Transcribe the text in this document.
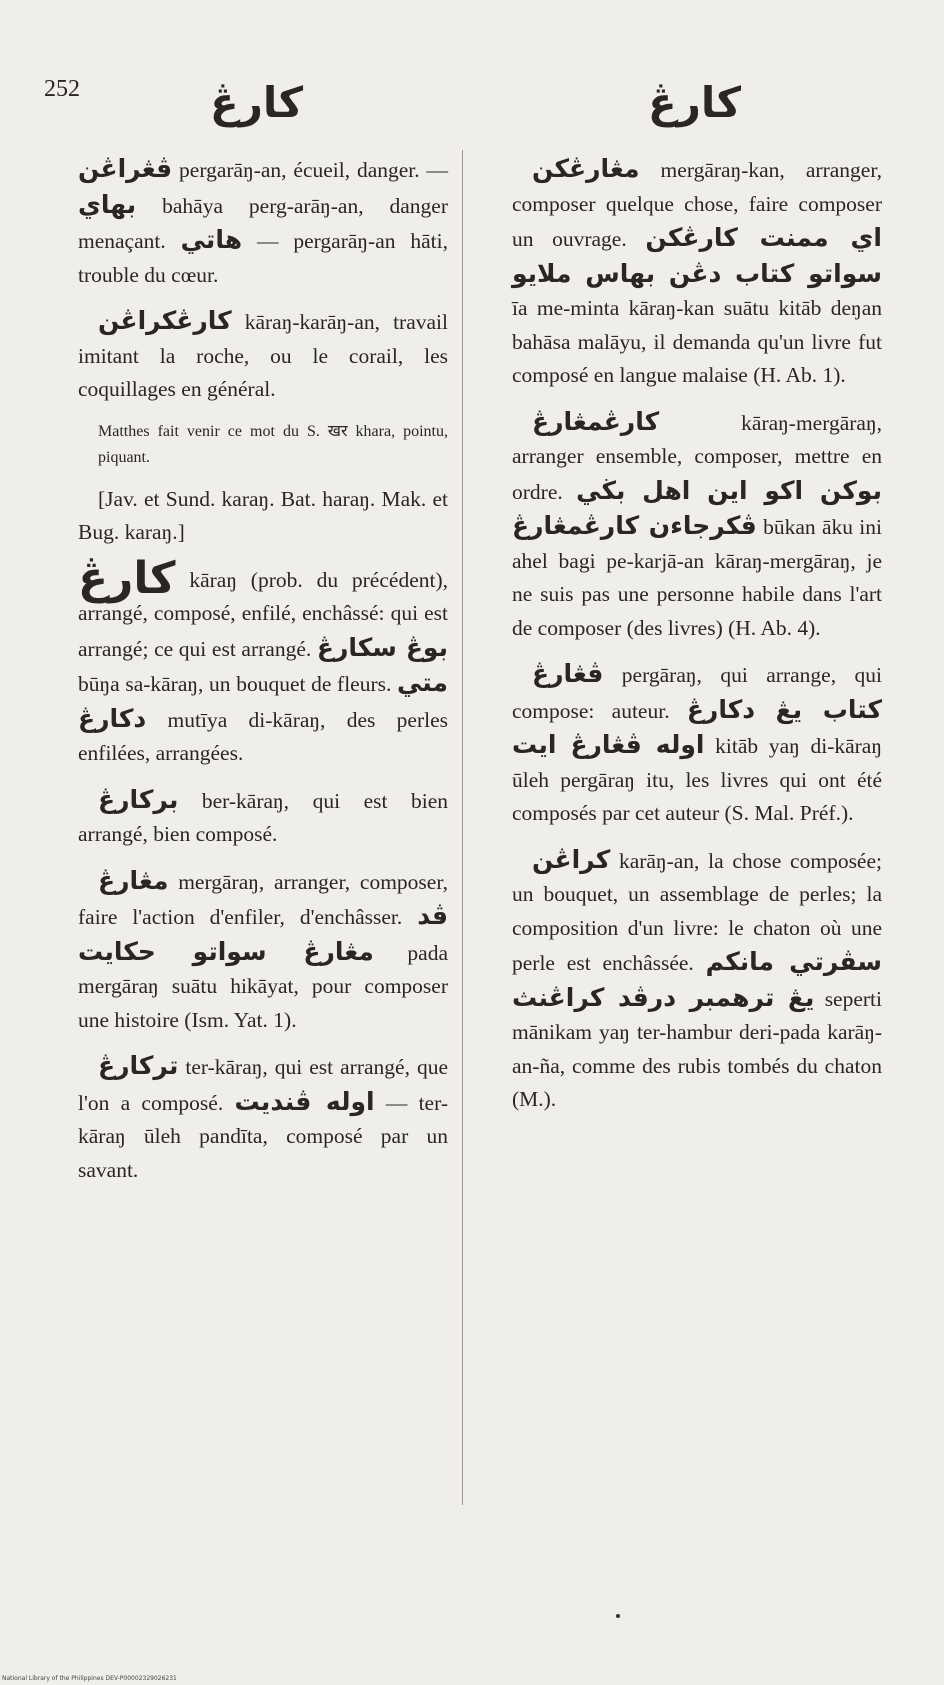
252	كارڠ	كارڠ

ڤڠراڠن pergarāŋ-an, écueil, danger. — بهاي bahāya perg-arāŋ-an, danger menaçant. هاتي — pergarāŋ-an hāti, trouble du cœur.

كارڠكراڠن kāraŋ-karāŋ-an, travail imitant la roche, ou le corail, les coquillages en général.

Matthes fait venir ce mot du S. खर khara, pointu, piquant.

[Jav. et Sund. karaŋ. Bat. haraŋ. Mak. et Bug. karaŋ.]

كارڠ kāraŋ (prob. du précédent), arrangé, composé, enfilé, enchâssé: qui est arrangé; ce qui est arrangé. بوڠ سكارڠ būŋa sa-kāraŋ, un bouquet de fleurs. متي دكارڠ mutīya di-kāraŋ, des perles enfilées, arrangées.

بركارڠ ber-kāraŋ, qui est bien arrangé, bien composé.

مڠارڠ mergāraŋ, arranger, composer, faire l'action d'enfiler, d'enchâsser. ڤد مڠارڠ سواتو حكايت pada mergāraŋ suātu hikāyat, pour composer une histoire (Ism. Yat. 1).

تركارڠ ter-kāraŋ, qui est arrangé, que l'on a composé. اوله ڤنديت — ter-kāraŋ ūleh pandīta, composé par un savant.

مڠارڠكن mergāraŋ-kan, arranger, composer quelque chose, faire composer un ouvrage. اي ممنت كارڠكن سواتو كتاب دڠن بهاس ملايو īa me-minta kāraŋ-kan suātu kitāb deŋan bahāsa malāyu, il demanda qu'un livre fut composé en langue malaise (H. Ab. 1).

كارڠمڠارڠ kāraŋ-mergāraŋ, arranger ensemble, composer, mettre en ordre. بوكن اكو اين اهل بڬي ڤكرجاءن كارڠمڠارڠ būkan āku ini ahel bagi pe-karjā-an kāraŋ-mergāraŋ, je ne suis pas une personne habile dans l'art de composer (des livres) (H. Ab. 4).

ڤڠارڠ pergāraŋ, qui arrange, qui compose: auteur. كتاب يڠ دكارڠ اوله ڤڠارڠ ايت kitāb yaŋ di-kāraŋ ūleh pergāraŋ itu, les livres qui ont été composés par cet auteur (S. Mal. Préf.).

كراڠن karāŋ-an, la chose composée; un bouquet, un assemblage de perles; la composition d'un livre: le chaton où une perle est enchâssée. سڤرتي مانكم يڠ ترهمبر درڤد كراڠنث seperti mānikam yaŋ ter-hambur deri-pada karāŋ-an-ña, comme des rubis tombés du chaton (M.).

National Library of the Philippines DEV-P00002329026231
